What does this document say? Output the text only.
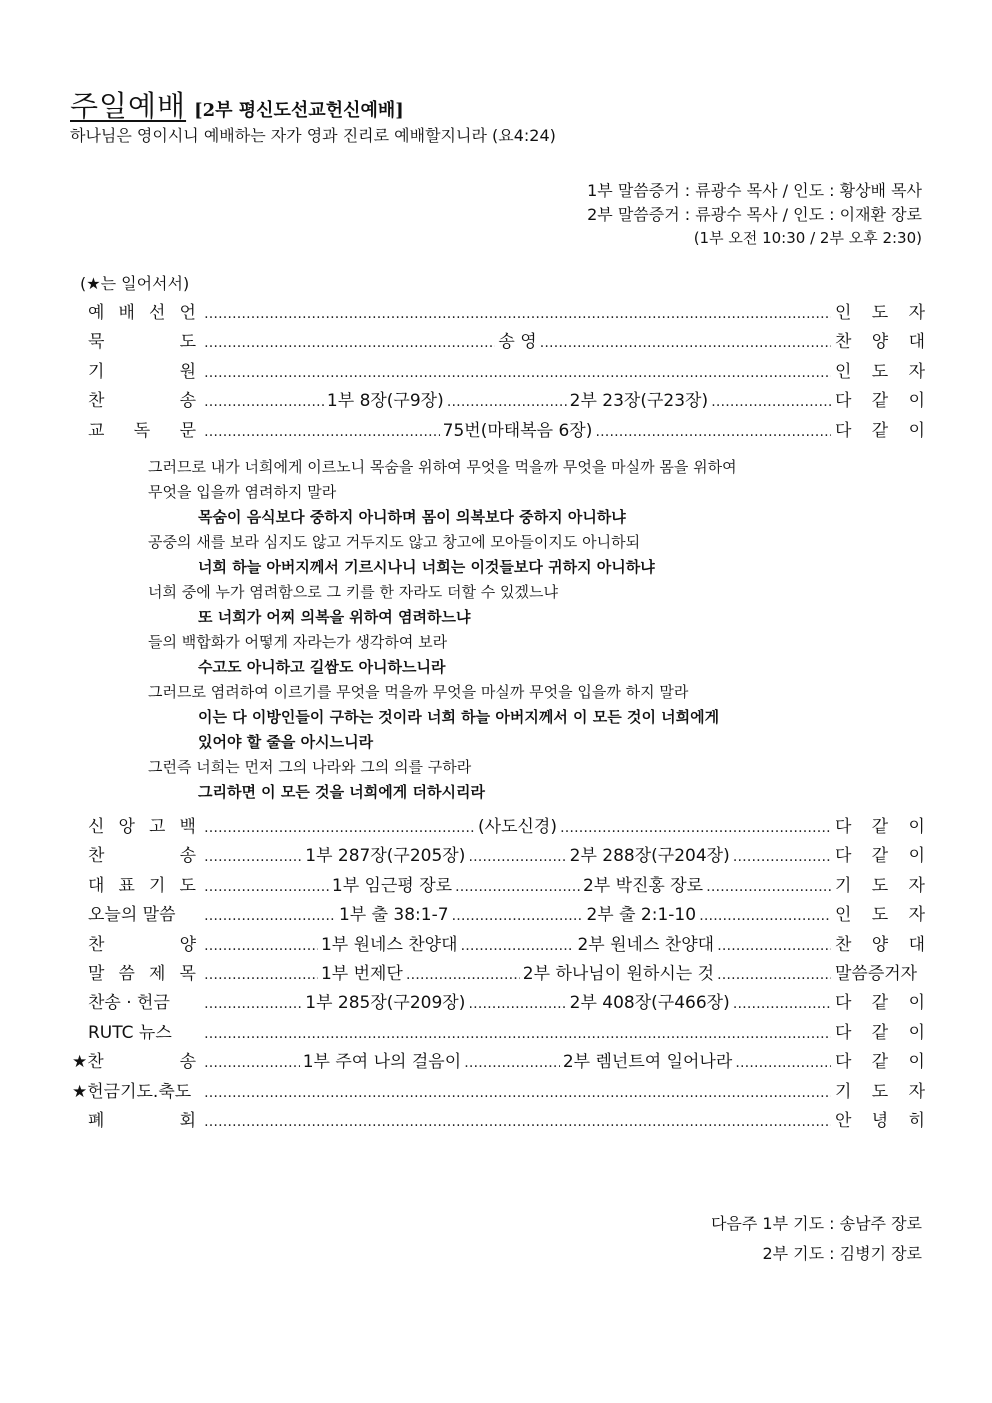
주일예배 [2부 평신도선교헌신예배]
하나님은 영이시니 예배하는 자가 영과 진리로 예배할지니라 (요4:24)
1부 말씀증거 : 류광수 목사 / 인도 : 황상배 목사
2부 말씀증거 : 류광수 목사 / 인도 : 이재환 장로
(1부 오전 10:30 / 2부 오후 2:30)
(★는 일어서서)
예 배 선 언 …………………………………………………………………………………………………………………………………………………………………………	인 도 자
묵	도 …………………………………………………………………………………………………………………………………………………………………………	송 영 …………………………………………………………………………………………………………………………………………………………………………	찬 양 대
기	원 …………………………………………………………………………………………………………………………………………………………………………	인 도 자
찬	송 …………………………………………………………………………………………………………………………………………………………………………	1부 8장(구9장) …………………………………………………………………………………………………………………………………………………………………………	2부 23장(구23장) …………………………………………………………………………………………………………………………………………………………………………	다 같 이
교 독 문 …………………………………………………………………………………………………………………………………………………………………………	75번(마태복음 6장) …………………………………………………………………………………………………………………………………………………………………………	다 같 이
그러므로 내가 너희에게 이르노니 목숨을 위하여 무엇을 먹을까 무엇을 마실까 몸을 위하여
무엇을 입을까 염려하지 말라
목숨이 음식보다 중하지 아니하며 몸이 의복보다 중하지 아니하냐
공중의 새를 보라 심지도 않고 거두지도 않고 창고에 모아들이지도 아니하되
너희 하늘 아버지께서 기르시나니 너희는 이것들보다 귀하지 아니하냐
너희 중에 누가 염려함으로 그 키를 한 자라도 더할 수 있겠느냐
또 너희가 어찌 의복을 위하여 염려하느냐
들의 백합화가 어떻게 자라는가 생각하여 보라
수고도 아니하고 길쌈도 아니하느니라
그러므로 염려하여 이르기를 무엇을 먹을까 무엇을 마실까 무엇을 입을까 하지 말라
이는 다 이방인들이 구하는 것이라 너희 하늘 아버지께서 이 모든 것이 너희에게
있어야 할 줄을 아시느니라
그런즉 너희는 먼저 그의 나라와 그의 의를 구하라
그리하면 이 모든 것을 너희에게 더하시리라
신 앙 고 백 …………………………………………………………………………………………………………………………………………………………………………	(사도신경) …………………………………………………………………………………………………………………………………………………………………………	다 같 이
찬	송 …………………………………………………………………………………………………………………………………………………………………………	1부 287장(구205장) …………………………………………………………………………………………………………………………………………………………………………	2부 288장(구204장) …………………………………………………………………………………………………………………………………………………………………………	다 같 이
대 표 기 도 …………………………………………………………………………………………………………………………………………………………………………	1부 임근평 장로 …………………………………………………………………………………………………………………………………………………………………………	2부 박진홍 장로 …………………………………………………………………………………………………………………………………………………………………………	기 도 자
오늘의 말씀 …………………………………………………………………………………………………………………………………………………………………………	1부 출 38:1-7 …………………………………………………………………………………………………………………………………………………………………………	2부 출 2:1-10 …………………………………………………………………………………………………………………………………………………………………………	인 도 자
찬	양 …………………………………………………………………………………………………………………………………………………………………………	1부 원네스 찬양대 …………………………………………………………………………………………………………………………………………………………………………	2부 원네스 찬양대 …………………………………………………………………………………………………………………………………………………………………………	찬 양 대
말 씀 제 목 …………………………………………………………………………………………………………………………………………………………………………	1부 번제단 …………………………………………………………………………………………………………………………………………………………………………	2부 하나님이 원하시는 것 …………………………………………………………………………………………………………………………………………………………………………	말씀증거자
찬송 · 헌금 …………………………………………………………………………………………………………………………………………………………………………	1부 285장(구209장) …………………………………………………………………………………………………………………………………………………………………………	2부 408장(구466장) …………………………………………………………………………………………………………………………………………………………………………	다 같 이
RUTC 뉴스 …………………………………………………………………………………………………………………………………………………………………………	다 같 이
★찬	송 …………………………………………………………………………………………………………………………………………………………………………	1부 주여 나의 걸음이 …………………………………………………………………………………………………………………………………………………………………………	2부 렘넌트여 일어나라 …………………………………………………………………………………………………………………………………………………………………………	다 같 이
★헌금기도.축도 …………………………………………………………………………………………………………………………………………………………………………	기 도 자
폐	회 …………………………………………………………………………………………………………………………………………………………………………	안 녕 히
다음주 1부 기도 : 송남주 장로
2부 기도 : 김병기 장로
